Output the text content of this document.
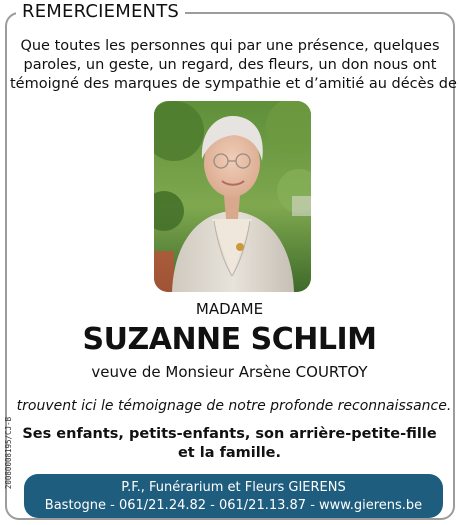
REMERCIEMENTS
Que toutes les personnes qui par une présence, quelques
paroles, un geste, un regard, des fleurs, un don nous ont
témoigné des marques de sympathie et d’amitié au décès de
MADAME
SUZANNE SCHLIM
veuve de Monsieur Arsène COURTOY
trouvent ici le témoignage de notre profonde reconnaissance.
Ses enfants, petits-enfants, son arrière-petite-fille
et la famille.
20080008195/CJ-B	P.F., Funérarium et Fleurs GIERENS
Bastogne - 061/21.24.82 - 061/21.13.87 - www.gierens.be
